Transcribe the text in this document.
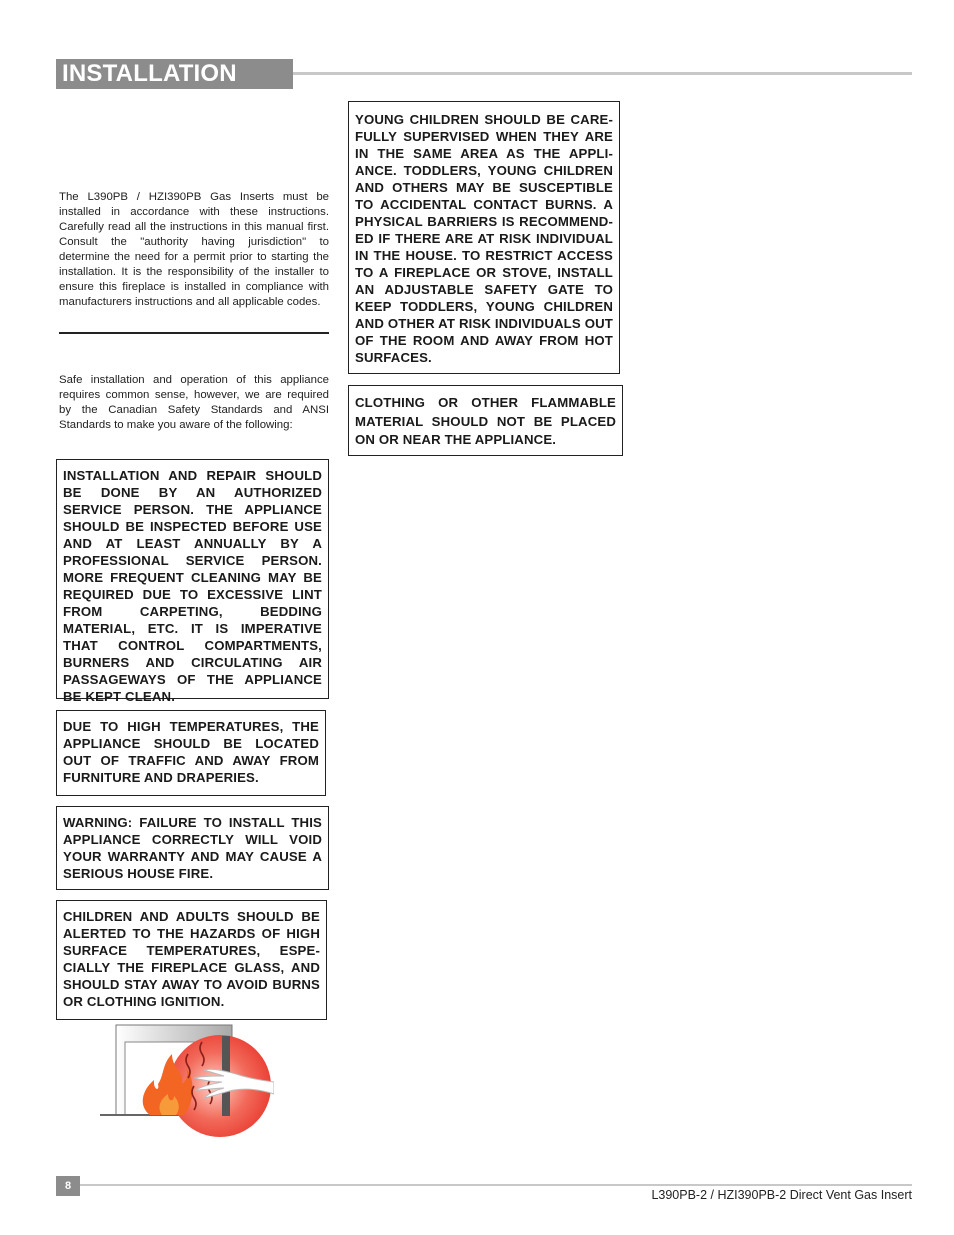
INSTALLATION

The L390PB / HZI390PB Gas Inserts must be installed in accordance with these instructions. Carefully read all the instructions in this manual first. Consult the "authority having jurisdiction" to determine the need for a permit prior to starting the installation. It is the responsibility of the installer to ensure this fireplace is installed in compliance with manufacturers instructions and all applicable codes.

Safe installation and operation of this appliance requires common sense, however, we are required by the Canadian Safety Standards and ANSI Standards to make you aware of the following:

INSTALLATION AND REPAIR SHOULD BE DONE BY AN AUTHORIZED SERVICE PERSON. THE APPLIANCE SHOULD BE INSPECTED BEFORE USE AND AT LEAST ANNUALLY BY A PROFESSIONAL SERVICE PERSON. MORE FREQUENT CLEANING MAY BE REQUIRED DUE TO EXCESSIVE LINT FROM CARPETING, BEDDING MATERIAL, ETC. IT IS IMPERATIVE THAT CONTROL COMPARTMENTS, BURNERS AND CIRCULATING AIR PASSAGEWAYS OF THE APPLIANCE BE KEPT CLEAN.
DUE TO HIGH TEMPERATURES, THE APPLIANCE SHOULD BE LOCATED OUT OF TRAFFIC AND AWAY FROM FURNITURE AND DRAPERIES.
WARNING: FAILURE TO INSTALL THIS APPLIANCE CORRECTLY WILL VOID YOUR WARRANTY AND MAY CAUSE A SERIOUS HOUSE FIRE.
CHILDREN AND ADULTS SHOULD BE ALERTED TO THE HAZARDS OF HIGH SURFACE TEMPERATURES, ESPE- CIALLY THE FIREPLACE GLASS, AND SHOULD STAY AWAY TO AVOID BURNS OR CLOTHING IGNITION.
YOUNG CHILDREN SHOULD BE CARE- FULLY SUPERVISED WHEN THEY ARE IN THE SAME AREA AS THE APPLI- ANCE. TODDLERS, YOUNG CHILDREN AND OTHERS MAY BE SUSCEPTIBLE TO ACCIDENTAL CONTACT BURNS. A PHYSICAL BARRIERS IS RECOMMEND- ED IF THERE ARE AT RISK INDIVIDUAL IN THE HOUSE. TO RESTRICT ACCESS TO A FIREPLACE OR STOVE, INSTALL AN ADJUSTABLE SAFETY GATE TO KEEP TODDLERS, YOUNG CHILDREN AND OTHER AT RISK INDIVIDUALS OUT OF THE ROOM AND AWAY FROM HOT SURFACES.
CLOTHING OR OTHER FLAMMABLE MATERIAL SHOULD NOT BE PLACED ON OR NEAR THE APPLIANCE.
8
L390PB-2 / HZI390PB-2 Direct Vent Gas Insert
